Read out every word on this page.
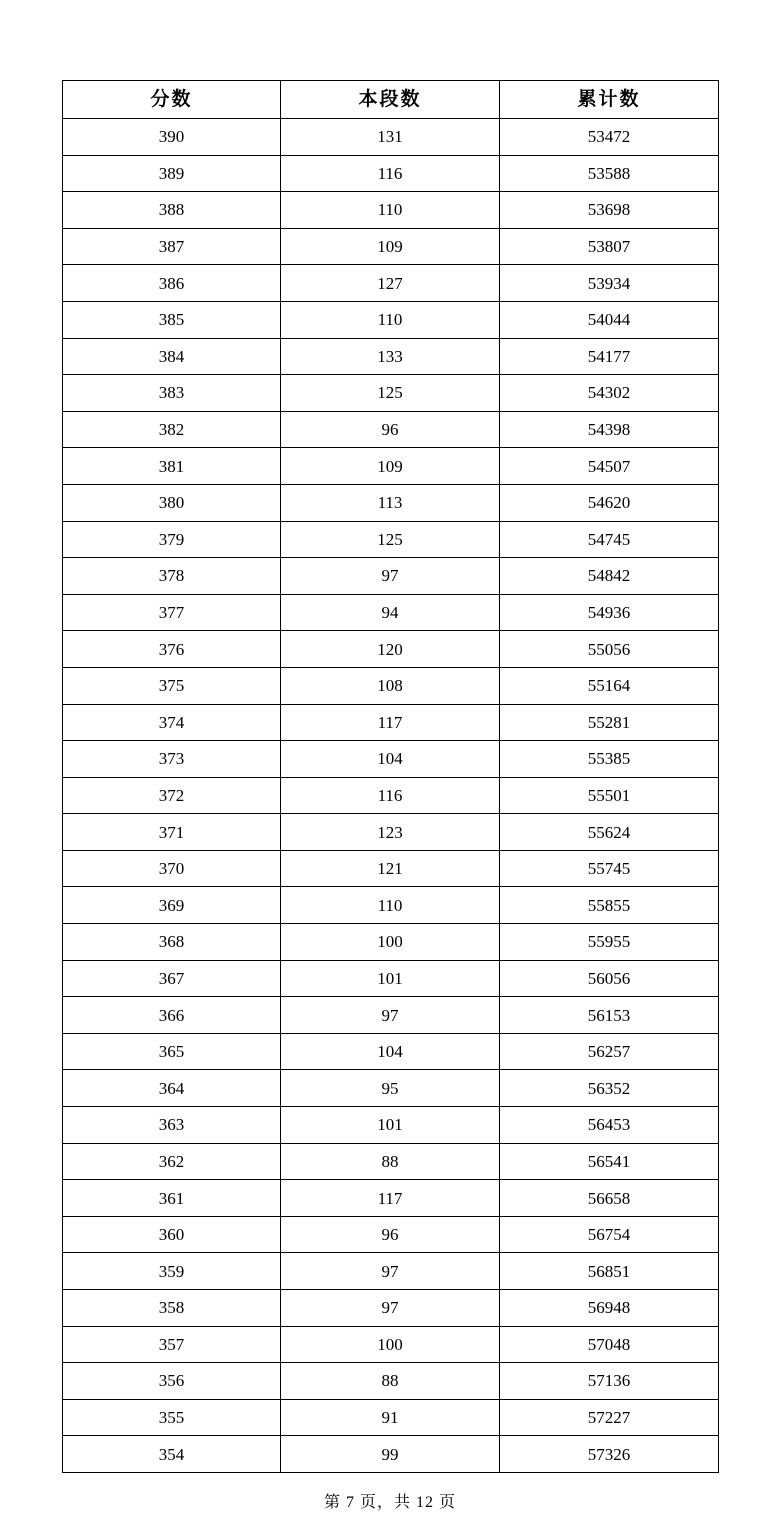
分数	本段数	累计数
390	131	53472
389	116	53588
388	110	53698
387	109	53807
386	127	53934
385	110	54044
384	133	54177
383	125	54302
382	96	54398
381	109	54507
380	113	54620
379	125	54745
378	97	54842
377	94	54936
376	120	55056
375	108	55164
374	117	55281
373	104	55385
372	116	55501
371	123	55624
370	121	55745
369	110	55855
368	100	55955
367	101	56056
366	97	56153
365	104	56257
364	95	56352
363	101	56453
362	88	56541
361	117	56658
360	96	56754
359	97	56851
358	97	56948
357	100	57048
356	88	57136
355	91	57227
354	99	57326
第 7 页，共 12 页
